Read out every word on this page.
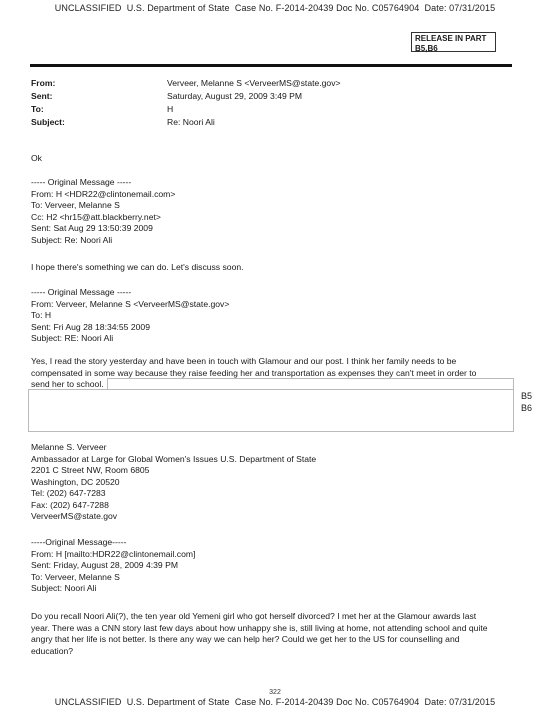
UNCLASSIFIED  U.S. Department of State  Case No. F-2014-20439 Doc No. C05764904  Date: 07/31/2015
RELEASE IN PART
B5,B6
From:	Verveer, Melanne S <VerveerMS@state.gov>
Sent:	Saturday, August 29, 2009 3:49 PM
To:	H
Subject:	Re: Noori Ali
Ok

----- Original Message -----

From: H <HDR22@clintonemail.com>

To: Verveer, Melanne S

Cc: H2 <hr15@att.blackberry.net>

Sent: Sat Aug 29 13:50:39 2009

Subject: Re: Noori Ali

I hope there's something we can do. Let's discuss soon.

----- Original Message -----

From: Verveer, Melanne S <VerveerMS@state.gov>

To: H

Sent: Fri Aug 28 18:34:55 2009

Subject: RE: Noori Ali

Yes, I read the story yesterday and have been in touch with Glamour and our post. I think her family needs to be

compensated in some way because they raise feeding her and transportation as expenses they can't meet in order to

send her to school.

B5
B6

Melanne S. Verveer

Ambassador at Large for Global Women's Issues U.S. Department of State

2201 C Street NW, Room 6805

Washington, DC 20520

Tel: (202) 647-7283

Fax: (202) 647-7288

VerveerMS@state.gov

-----Original Message-----

From: H [mailto:HDR22@clintonemail.com]

Sent: Friday, August 28, 2009 4:39 PM

To: Verveer, Melanne S

Subject: Noori Ali

Do you recall Noori Ali(?), the ten year old Yemeni girl who got herself divorced? I met her at the Glamour awards last

year. There was a CNN story last few days about how unhappy she is, still living at home, not attending school and quite

angry that her life is not better. Is there any way we can help her? Could we get her to the US for counselling and

education?

322
UNCLASSIFIED  U.S. Department of State  Case No. F-2014-20439 Doc No. C05764904  Date: 07/31/2015
